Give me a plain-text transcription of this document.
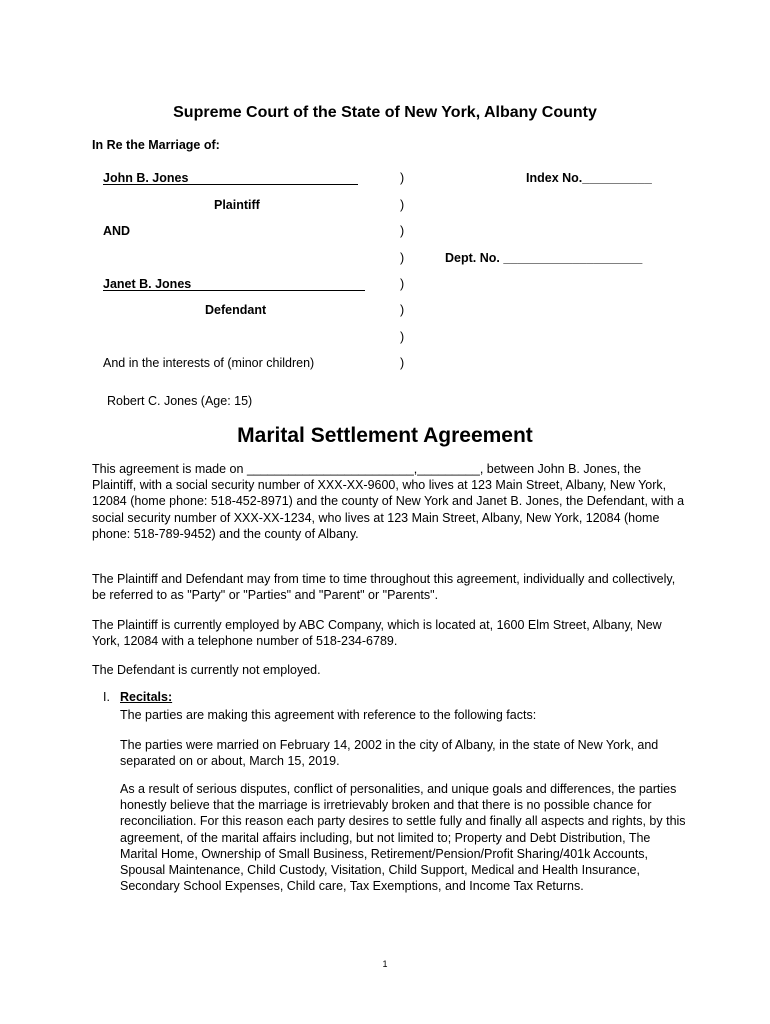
Supreme Court of the State of New York, Albany County
In Re the Marriage of:
John B. Jones
Plaintiff
AND
Janet B. Jones
Defendant
And in the interests of (minor children)
Robert C. Jones (Age: 15)
)
)
)
)
)
)
)
)
Index No.__________
Dept. No. ____________________
Marital Settlement Agreement

This agreement is made on ________________________,_________, between John B. Jones, the Plaintiff, with a social security number of XXX-XX-9600, who lives at 123 Main Street, Albany, New York, 12084 (home phone: 518-452-8971) and the county of New York and Janet B. Jones, the Defendant, with a social security number of XXX-XX-1234, who lives at 123 Main Street, Albany, New York, 12084 (home phone: 518-789-9452) and the county of Albany.

The Plaintiff and Defendant may from time to time throughout this agreement, individually and collectively, be referred to as "Party" or "Parties" and "Parent" or "Parents".

The Plaintiff is currently employed by ABC Company, which is located at, 1600 Elm Street, Albany, New York, 12084 with a telephone number of 518-234-6789.

The Defendant is currently not employed.

I. Recitals:

The parties are making this agreement with reference to the following facts:

The parties were married on February 14, 2002 in the city of Albany, in the state of New York, and separated on or about, March 15, 2019.

As a result of serious disputes, conflict of personalities, and unique goals and differences, the parties honestly believe that the marriage is irretrievably broken and that there is no possible chance for reconciliation. For this reason each party desires to settle fully and finally all aspects and rights, by this agreement, of the marital affairs including, but not limited to; Property and Debt Distribution, The Marital Home, Ownership of Small Business, Retirement/Pension/Profit Sharing/401k Accounts, Spousal Maintenance, Child Custody, Visitation, Child Support, Medical and Health Insurance, Secondary School Expenses, Child care, Tax Exemptions, and Income Tax Returns.

1
